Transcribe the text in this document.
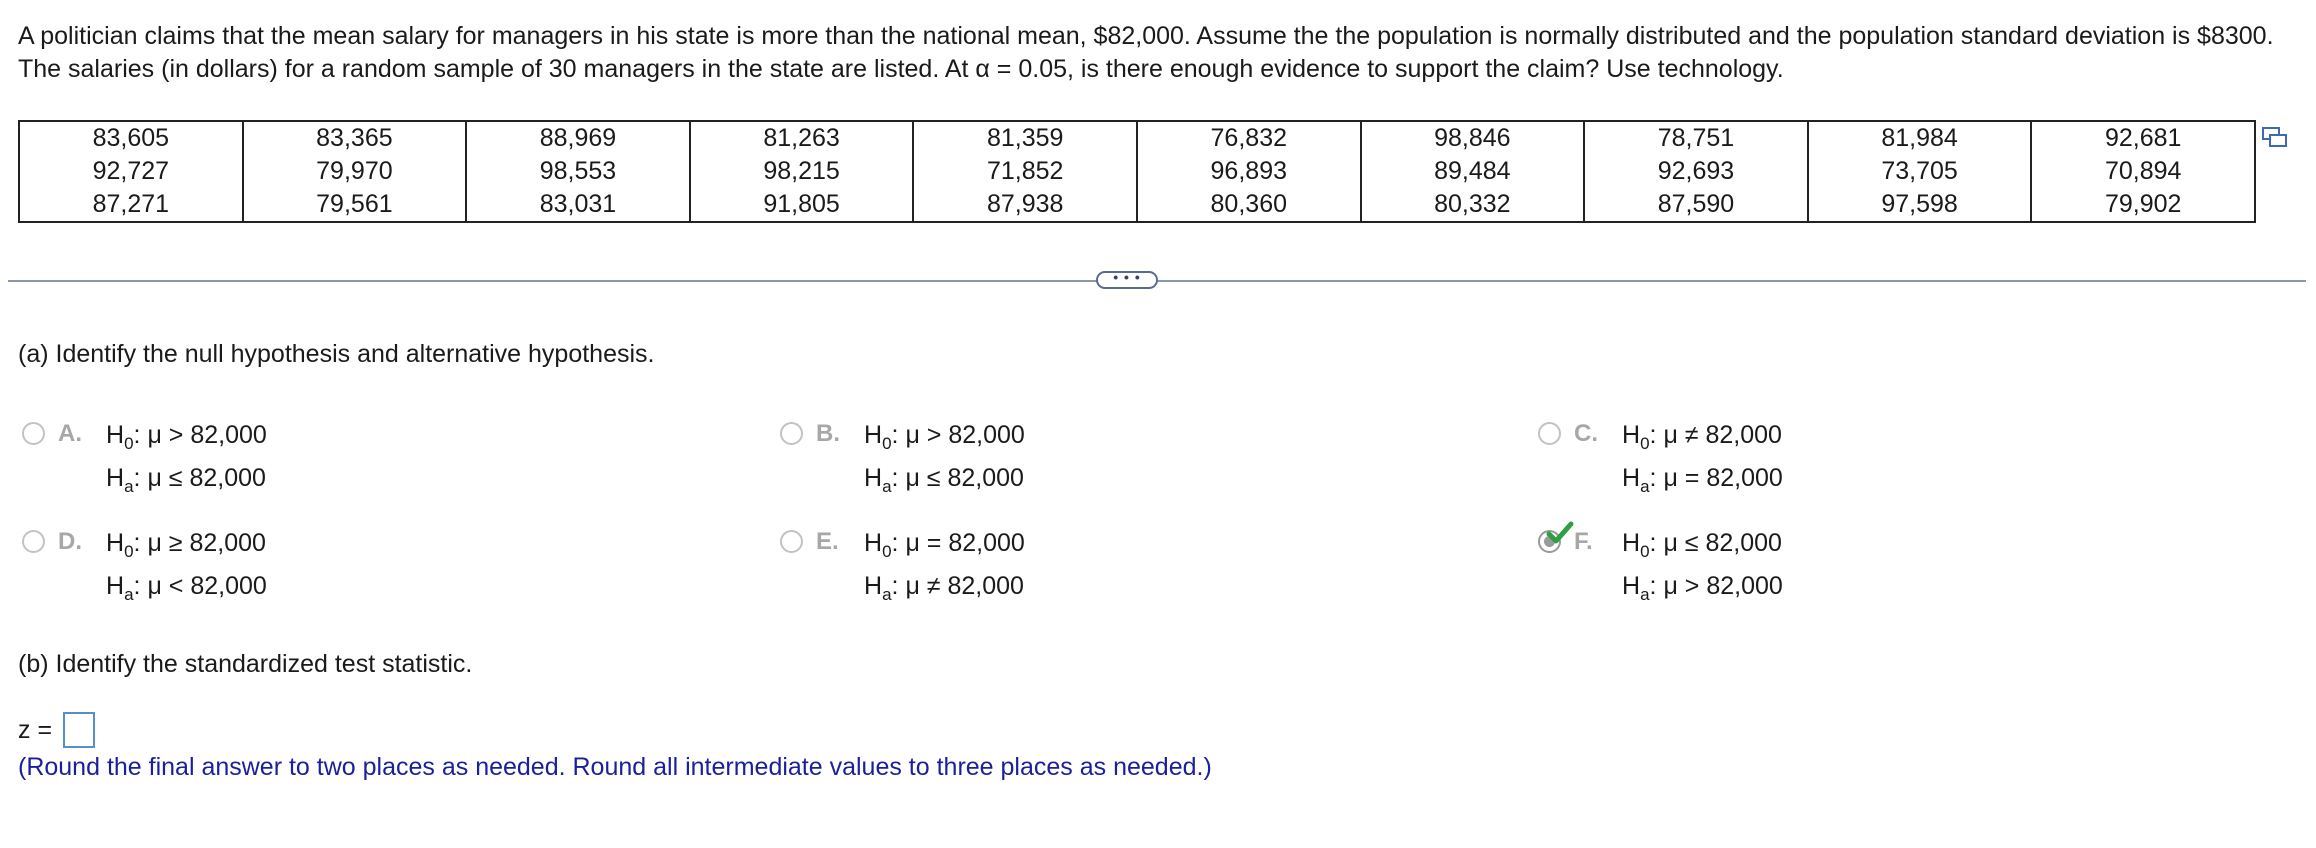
A politician claims that the mean salary for managers in his state is more than the national mean, $82,000. Assume the the population is normally distributed and the population standard deviation is $8300. The salaries (in dollars) for a random sample of 30 managers in the state are listed. At α = 0.05, is there enough evidence to support the claim? Use technology.

83,605	83,365	88,969	81,263	81,359	76,832	98,846	78,751	81,984	92,681
92,727	79,970	98,553	98,215	71,852	96,893	89,484	92,693	73,705	70,894
87,271	79,561	83,031	91,805	87,938	80,360	80,332	87,590	97,598	79,902
• • •
(a) Identify the null hypothesis and alternative hypothesis.
A. $H_0$: μ > 82,000
$H_a$: μ ≤ 82,000
B. $H_0$: μ > 82,000
$H_a$: μ ≤ 82,000
C. $H_0$: μ ≠ 82,000
$H_a$: μ = 82,000
D. $H_0$: μ ≥ 82,000
$H_a$: μ < 82,000
E. $H_0$: μ = 82,000
$H_a$: μ ≠ 82,000
F. $H_0$: μ ≤ 82,000
$H_a$: μ > 82,000
(b) Identify the standardized test statistic.
z =
(Round the final answer to two places as needed. Round all intermediate values to three places as needed.)
